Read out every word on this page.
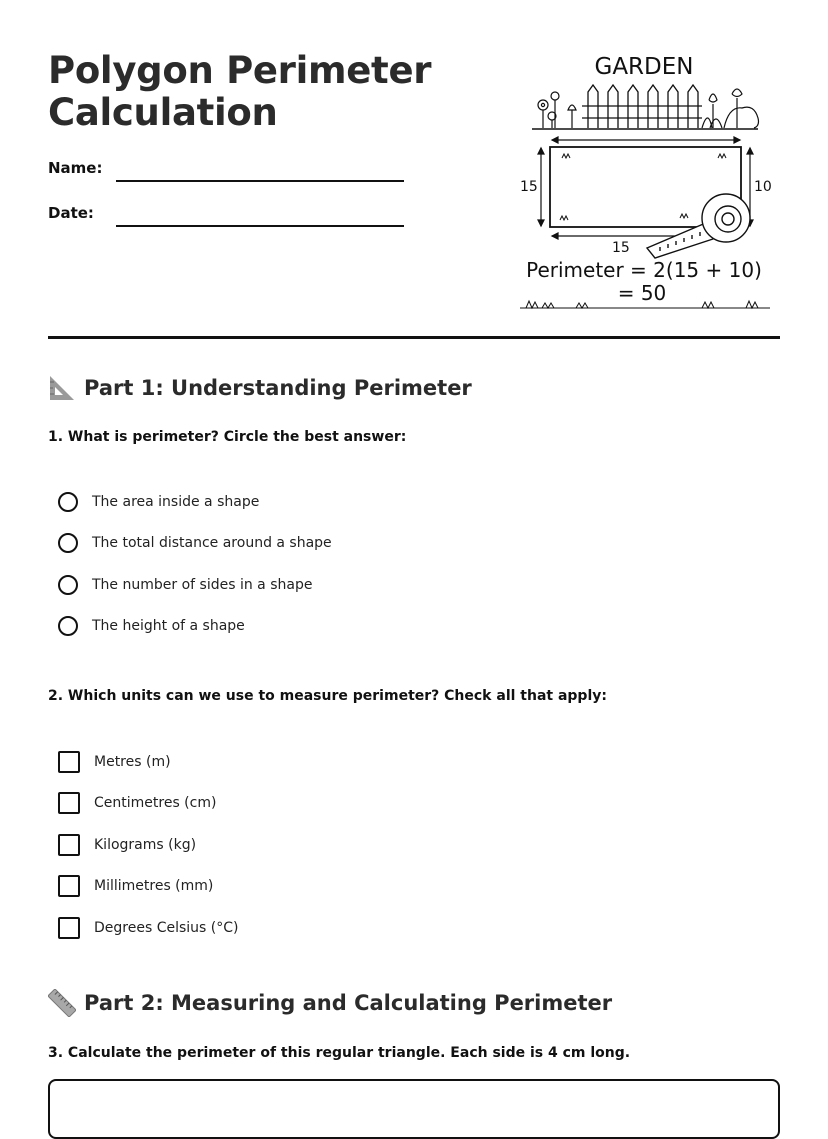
Polygon Perimeter
Calculation
Name:
Date:
GARDEN
15	10
15
Perimeter = 2(15 + 10)
= 50
Part 1: Understanding Perimeter
1. What is perimeter? Circle the best answer:
The area inside a shape
The total distance around a shape
The number of sides in a shape
The height of a shape
2. Which units can we use to measure perimeter? Check all that apply:
Metres (m)
Centimetres (cm)
Kilograms (kg)
Millimetres (mm)
Degrees Celsius (°C)
Part 2: Measuring and Calculating Perimeter
3. Calculate the perimeter of this regular triangle. Each side is 4 cm long.
